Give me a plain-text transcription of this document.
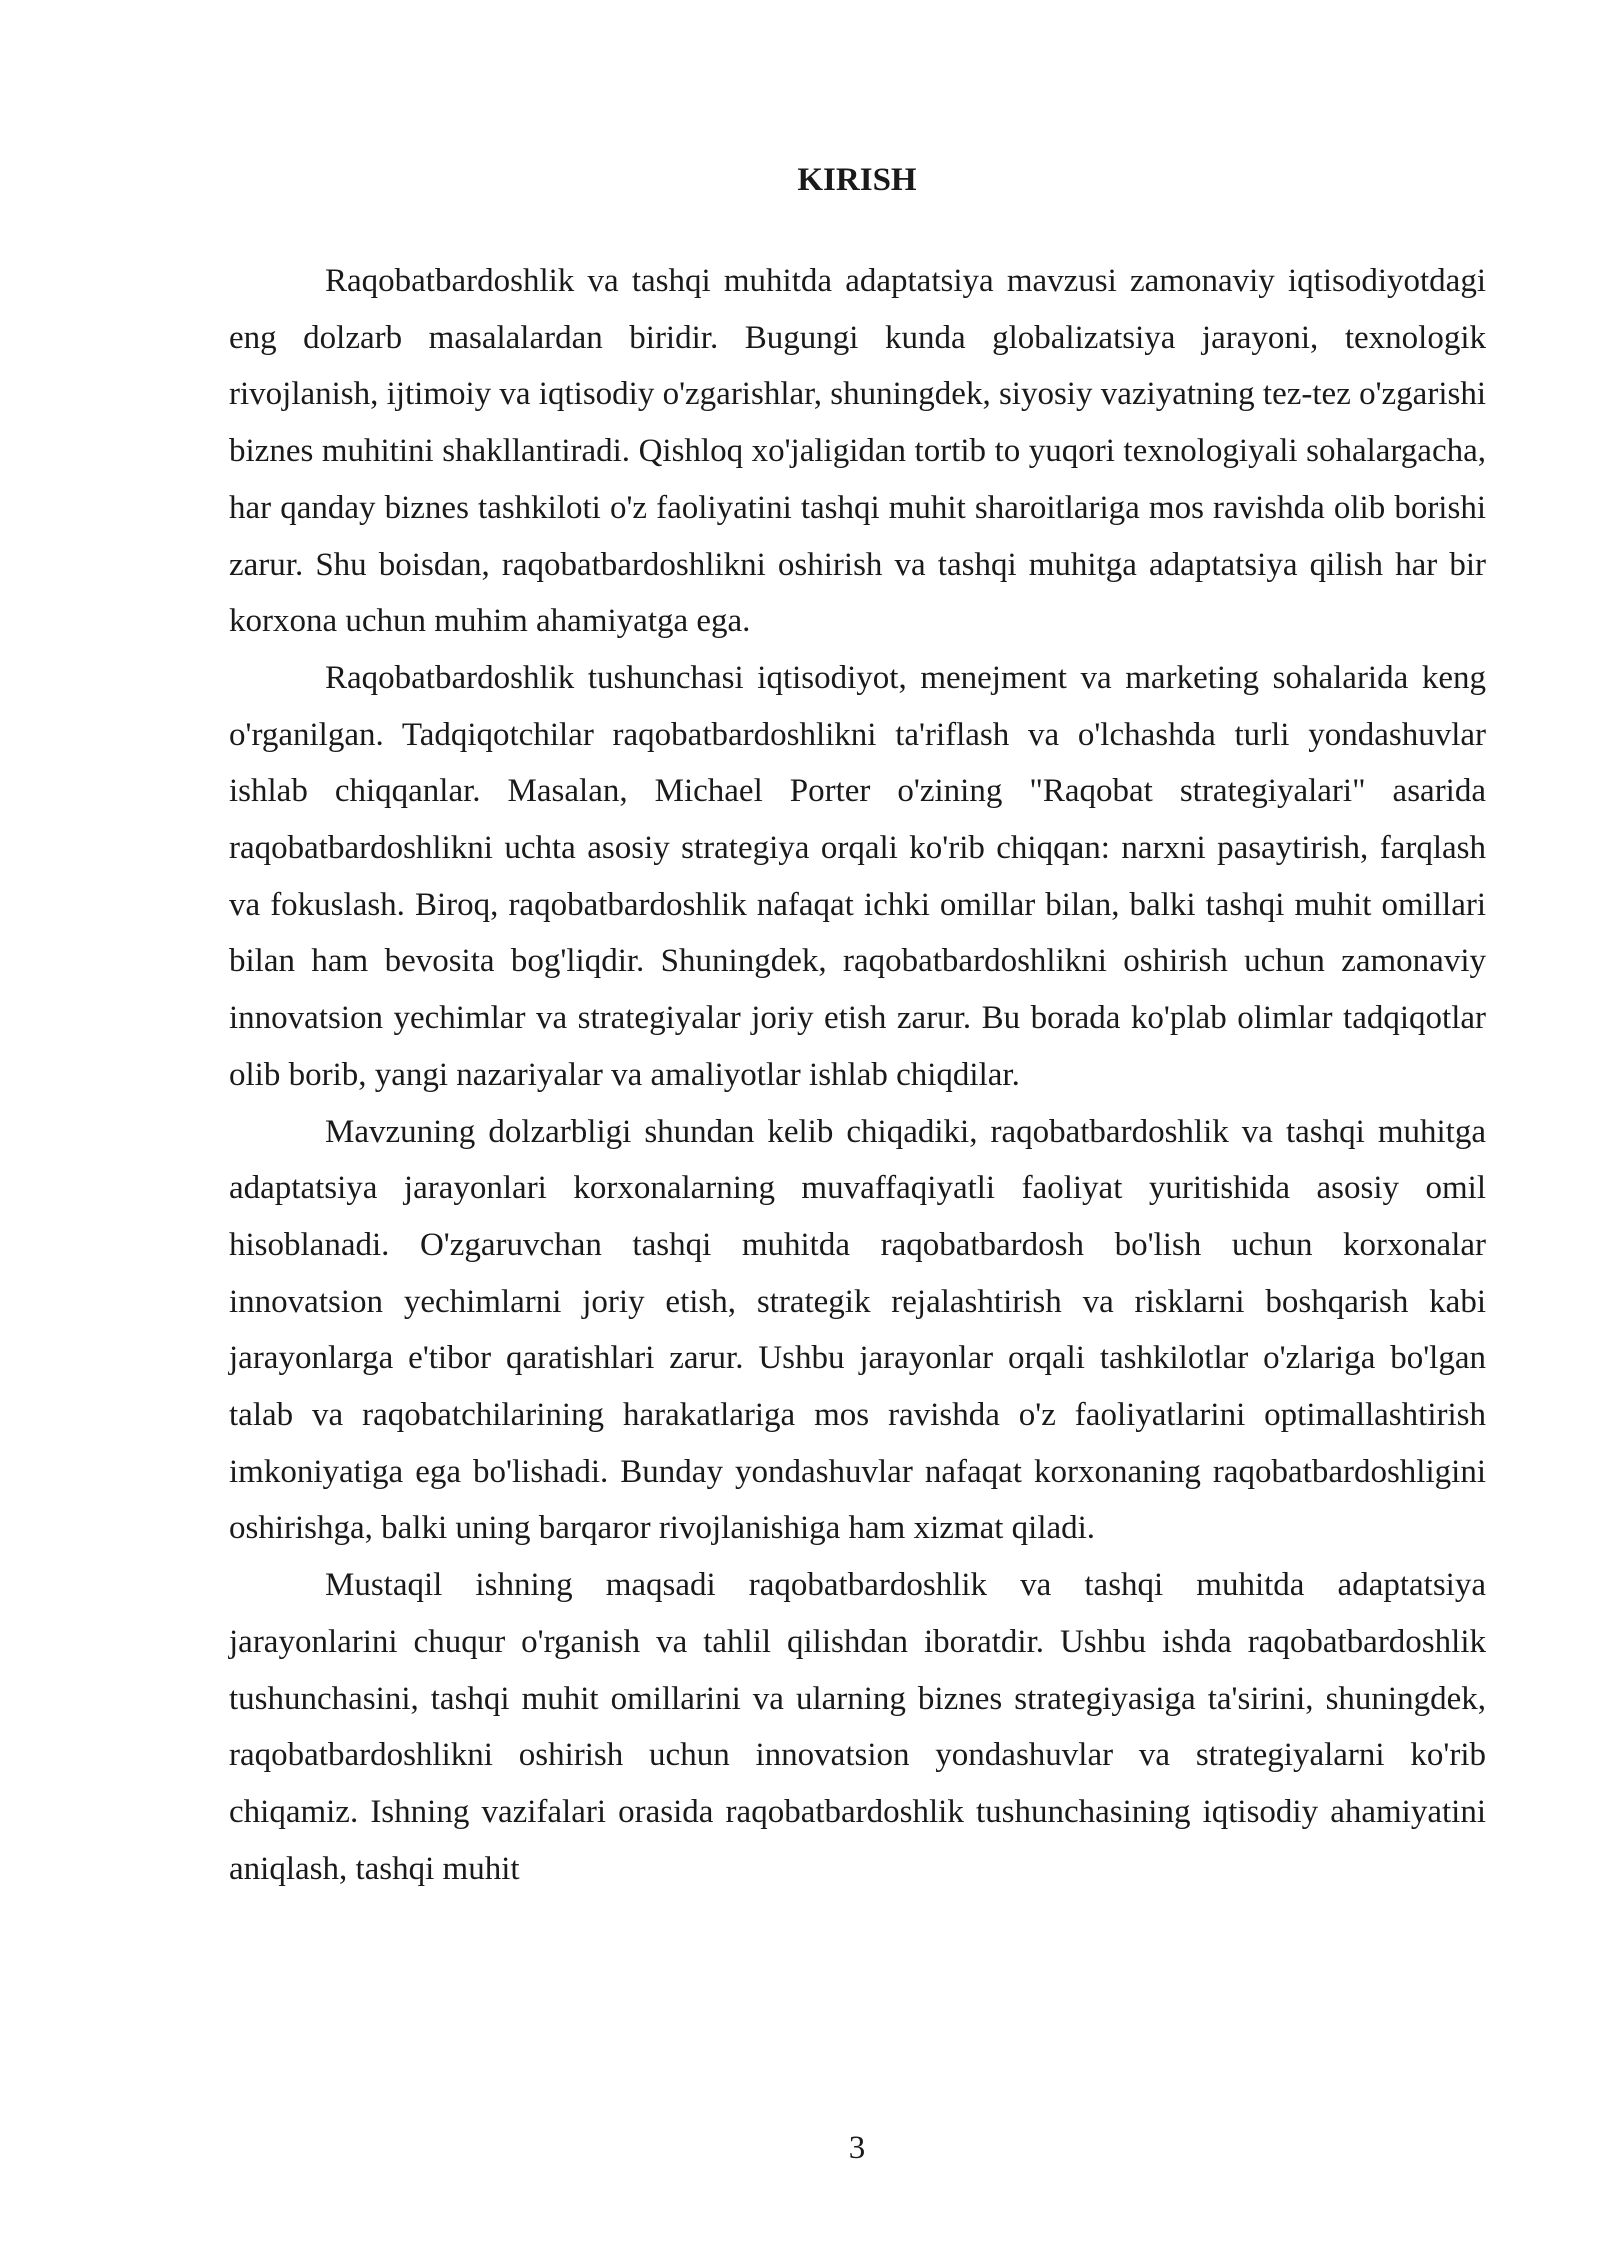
KIRISH

Raqobatbardoshlik va tashqi muhitda adaptatsiya mavzusi zamonaviy iqtisodiyotdagi eng dolzarb masalalardan biridir. Bugungi kunda globalizatsiya jarayoni, texnologik rivojlanish, ijtimoiy va iqtisodiy o'zgarishlar, shuningdek, siyosiy vaziyatning tez-tez o'zgarishi biznes muhitini shakllantiradi. Qishloq xo'jaligidan tortib to yuqori texnologiyali sohalargacha, har qanday biznes tashkiloti o'z faoliyatini tashqi muhit sharoitlariga mos ravishda olib borishi zarur. Shu boisdan, raqobatbardoshlikni oshirish va tashqi muhitga adaptatsiya qilish har bir korxona uchun muhim ahamiyatga ega.

Raqobatbardoshlik tushunchasi iqtisodiyot, menejment va marketing sohalarida keng o'rganilgan. Tadqiqotchilar raqobatbardoshlikni ta'riflash va o'lchashda turli yondashuvlar ishlab chiqqanlar. Masalan, Michael Porter o'zining "Raqobat strategiyalari" asarida raqobatbardoshlikni uchta asosiy strategiya orqali ko'rib chiqqan: narxni pasaytirish, farqlash va fokuslash. Biroq, raqobatbardoshlik nafaqat ichki omillar bilan, balki tashqi muhit omillari bilan ham bevosita bog'liqdir. Shuningdek, raqobatbardoshlikni oshirish uchun zamonaviy innovatsion yechimlar va strategiyalar joriy etish zarur. Bu borada ko'plab olimlar tadqiqotlar olib borib, yangi nazariyalar va amaliyotlar ishlab chiqdilar.

Mavzuning dolzarbligi shundan kelib chiqadiki, raqobatbardoshlik va tashqi muhitga adaptatsiya jarayonlari korxonalarning muvaffaqiyatli faoliyat yuritishida asosiy omil hisoblanadi. O'zgaruvchan tashqi muhitda raqobatbardosh bo'lish uchun korxonalar innovatsion yechimlarni joriy etish, strategik rejalashtirish va risklarni boshqarish kabi jarayonlarga e'tibor qaratishlari zarur. Ushbu jarayonlar orqali tashkilotlar o'zlariga bo'lgan talab va raqobatchilarining harakatlariga mos ravishda o'z faoliyatlarini optimallashtirish imkoniyatiga ega bo'lishadi. Bunday yondashuvlar nafaqat korxonaning raqobatbardoshligini oshirishga, balki uning barqaror rivojlanishiga ham xizmat qiladi.

Mustaqil ishning maqsadi raqobatbardoshlik va tashqi muhitda adaptatsiya jarayonlarini chuqur o'rganish va tahlil qilishdan iboratdir. Ushbu ishda raqobatbardoshlik tushunchasini, tashqi muhit omillarini va ularning biznes strategiyasiga ta'sirini, shuningdek, raqobatbardoshlikni oshirish uchun innovatsion yondashuvlar va strategiyalarni ko'rib chiqamiz. Ishning vazifalari orasida raqobatbardoshlik tushunchasining iqtisodiy ahamiyatini aniqlash, tashqi muhit

3
